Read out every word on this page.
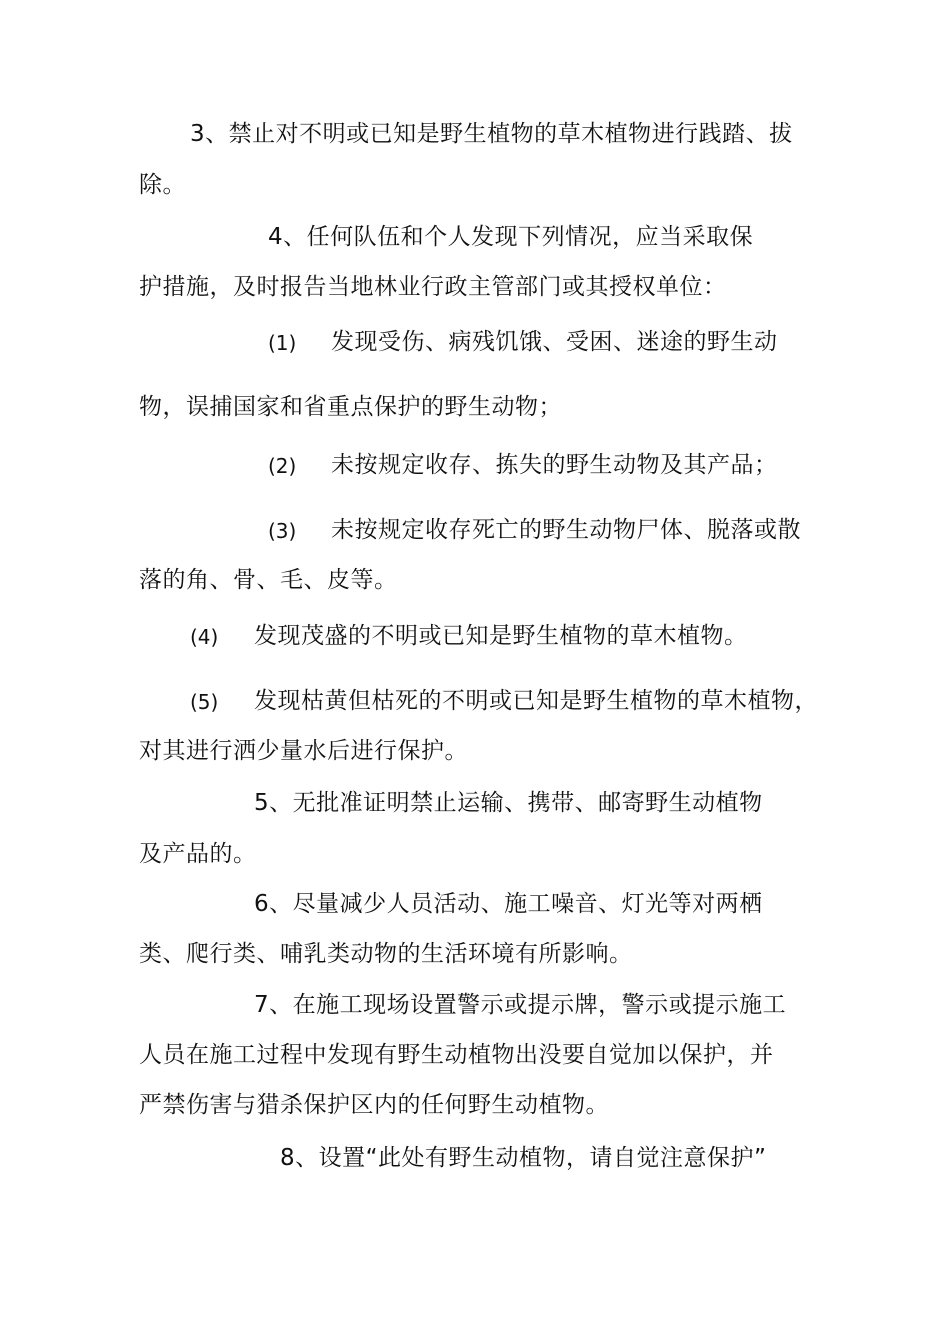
3、禁止对不明或已知是野生植物的草木植物进行践踏、拔
除。
4、任何队伍和个人发现下列情况，应当采取保
护措施，及时报告当地林业行政主管部门或其授权单位：
(1) 发现受伤、病残饥饿、受困、迷途的野生动
物，误捕国家和省重点保护的野生动物；
(2) 未按规定收存、拣失的野生动物及其产品；
(3) 未按规定收存死亡的野生动物尸体、脱落或散
落的角、骨、毛、皮等。
(4) 发现茂盛的不明或已知是野生植物的草木植物。
(5) 发现枯黄但枯死的不明或已知是野生植物的草木植物，
对其进行洒少量水后进行保护。
5、无批准证明禁止运输、携带、邮寄野生动植物
及产品的。
6、尽量减少人员活动、施工噪音、灯光等对两栖
类、爬行类、哺乳类动物的生活环境有所影响。
7、在施工现场设置警示或提示牌，警示或提示施工
人员在施工过程中发现有野生动植物出没要自觉加以保护，并
严禁伤害与猎杀保护区内的任何野生动植物。
8、设置“此处有野生动植物，请自觉注意保护”
